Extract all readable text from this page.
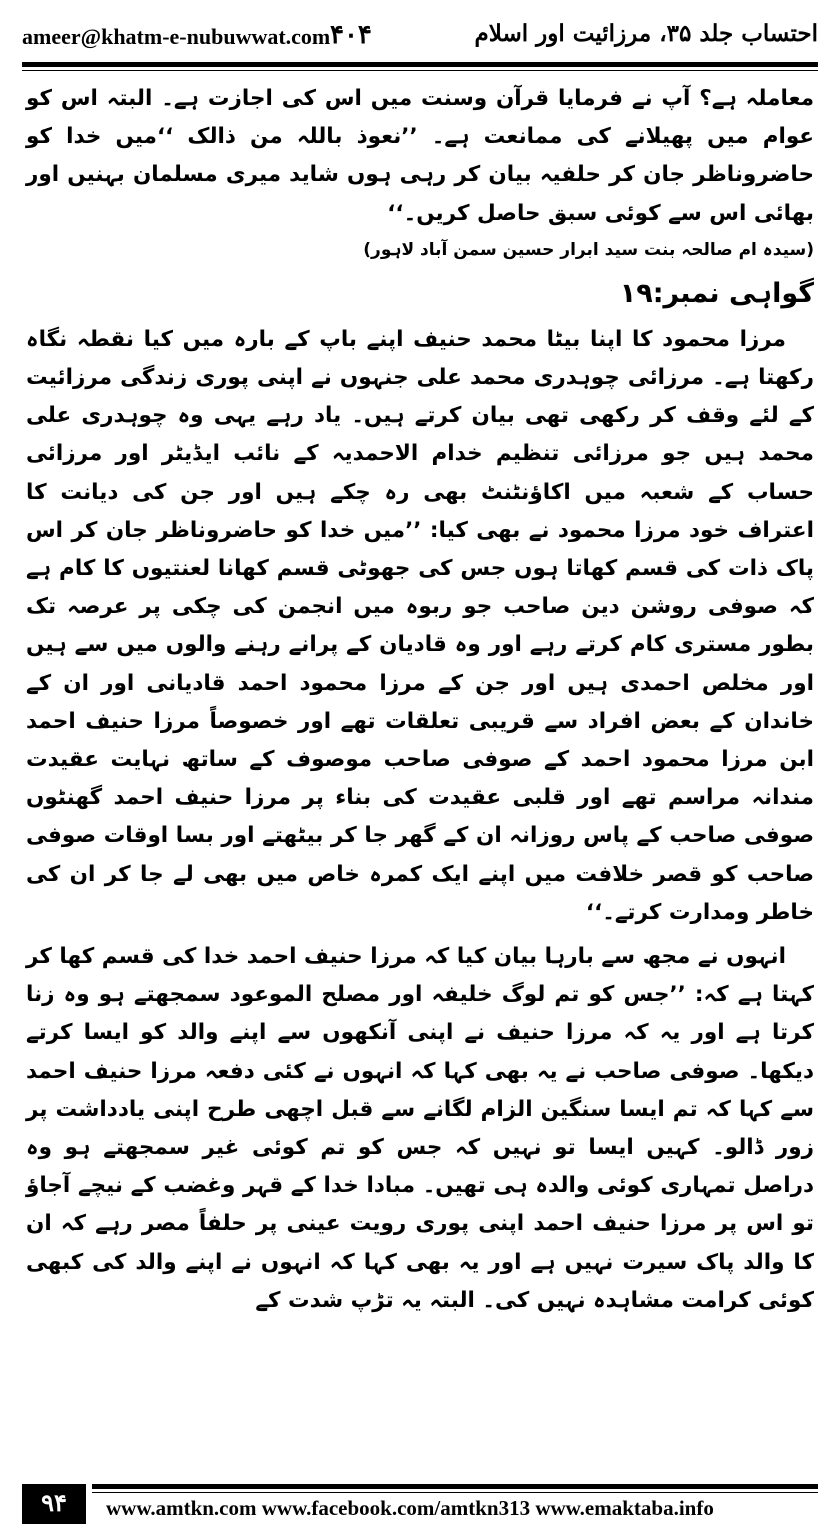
ameer@khatm-e-nubuwwat.com ۴۰۴	احتساب جلد ۳۵، مرزائیت اور اسلام

معاملہ ہے؟ آپ نے فرمایا قرآن وسنت میں اس کی اجازت ہے۔ البتہ اس کو عوام میں پھیلانے کی ممانعت ہے۔ ’’نعوذ باللہ من ذالک ‘‘میں خدا کو حاضروناظر جان کر حلفیہ بیان کر رہی ہوں شاید میری مسلمان بہنیں اور بھائی اس سے کوئی سبق حاصل کریں۔‘‘

(سیدہ ام صالحہ بنت سید ابرار حسین سمن آباد لاہور)

گواہی نمبر:۱۹

مرزا محمود کا اپنا بیٹا محمد حنیف اپنے باپ کے بارہ میں کیا نقطہ نگاہ رکھتا ہے۔ مرزائی چوہدری محمد علی جنہوں نے اپنی پوری زندگی مرزائیت کے لئے وقف کر رکھی تھی بیان کرتے ہیں۔ یاد رہے یہی وہ چوہدری علی محمد ہیں جو مرزائی تنظیم خدام الاحمدیہ کے نائب ایڈیٹر اور مرزائی حساب کے شعبہ میں اکاؤنٹنٹ بھی رہ چکے ہیں اور جن کی دیانت کا اعتراف خود مرزا محمود نے بھی کیا: ’’میں خدا کو حاضروناظر جان کر اس پاک ذات کی قسم کھاتا ہوں جس کی جھوٹی قسم کھانا لعنتیوں کا کام ہے کہ صوفی روشن دین صاحب جو ربوہ میں انجمن کی چکی پر عرصہ تک بطور مستری کام کرتے رہے اور وہ قادیان کے پرانے رہنے والوں میں سے ہیں اور مخلص احمدی ہیں اور جن کے مرزا محمود احمد قادیانی اور ان کے خاندان کے بعض افراد سے قریبی تعلقات تھے اور خصوصاً مرزا حنیف احمد ابن مرزا محمود احمد کے صوفی صاحب موصوف کے ساتھ نہایت عقیدت مندانہ مراسم تھے اور قلبی عقیدت کی بناء پر مرزا حنیف احمد گھنٹوں صوفی صاحب کے پاس روزانہ ان کے گھر جا کر بیٹھتے اور بسا اوقات صوفی صاحب کو قصر خلافت میں اپنے ایک کمرہ خاص میں بھی لے جا کر ان کی خاطر ومدارت کرتے۔‘‘

انہوں نے مجھ سے بارہا بیان کیا کہ مرزا حنیف احمد خدا کی قسم کھا کر کہتا ہے کہ: ’’جس کو تم لوگ خلیفہ اور مصلح الموعود سمجھتے ہو وہ زنا کرتا ہے اور یہ کہ مرزا حنیف نے اپنی آنکھوں سے اپنے والد کو ایسا کرتے دیکھا۔ صوفی صاحب نے یہ بھی کہا کہ انہوں نے کئی دفعہ مرزا حنیف احمد سے کہا کہ تم ایسا سنگین الزام لگانے سے قبل اچھی طرح اپنی یادداشت پر زور ڈالو۔ کہیں ایسا تو نہیں کہ جس کو تم کوئی غیر سمجھتے ہو وہ دراصل تمہاری کوئی والدہ ہی تھیں۔ مبادا خدا کے قہر وغضب کے نیچے آجاؤ تو اس پر مرزا حنیف احمد اپنی پوری رویت عینی پر حلفاً مصر رہے کہ ان کا والد پاک سیرت نہیں ہے اور یہ بھی کہا کہ انہوں نے اپنے والد کی کبھی کوئی کرامت مشاہدہ نہیں کی۔ البتہ یہ تڑپ شدت کے

۹۴	www.amtkn.com www.facebook.com/amtkn313 www.emaktaba.info
